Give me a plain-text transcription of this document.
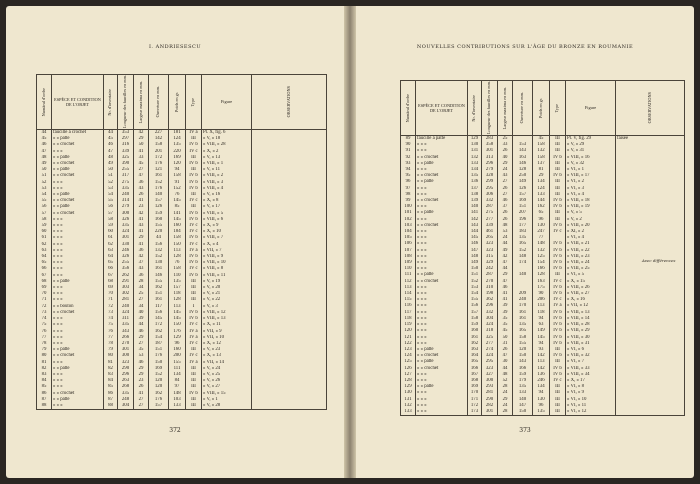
I. ANDRIESESCU
Numărul d'ordre	ESPÈCE ET CONDITION DE L'OBJET	Nr. d'inventaire	Longueur des faucilles en mm.	Largeur maxima en mm.	Ouverture en mm.	Poids en gr.	Type	Figure	OBSERVATIONS

44	faucille à crochet	44	353	42	227	181	IV a	Pl. X, fig. 6	
45	» » patte	45	297	29	142	124	III	» V, » 18	
46	» » crochet	46	316	50	158	135	IV b	» VIII, » 28	
47	» » »	47	339	41	201	220	IV c	» X, » 2	
48	» » patte	48	325	33	172	169	III	» V, » 13	
49	» » crochet	49	390	45	176	120	IV b	» VIII, » 1	
50	» » patte	50	255	27	121	94	III	» V, » 11	
51	» » crochet	51	317	47	161	158	IV b	» VIII, » 2	
52	» » »	52	275	36	152	91	IV b	» VIII, » 3	
53	» » »	53	335	43	176	152	IV b	» VIII, » 4	
54	» » patte	54	240	26	140	76	III	» V, » 16	
55	» » crochet	55	314	41	157	145	IV c	» X, » 8	
56	» » patte	56	279	23	126	85	III	» V, » 17	
57	» » crochet	57	300	42	159	141	IV b	» VIII, » 5	
58	» » »	58	326	41	160	145	IV b	» VIII, » 6	
59	» » »	59	335	43	155	160	IV c	» X, » 9	
60	» » »	60	324	41	220	184	IV c	» X, » 10	
61	» » »	61	301	29	44	158	IV b	» VIII, » 7	
62	» » »	62	330	41	156	150	IV c	» X, » 4	
63	» » »	63	246	36	132	113	IV a	» VII, » 7	
64	» » »	64	326	42	152	128	IV b	» VIII, » 9	
65	» » »	65	255	37	130	76	IV b	» VIII, » 10	
66	» » »	66	356	43	161	158	IV c	» VIII, » 8	
67	» » »	67	262	36	146	110	IV b	» VIII, » 11	
68	» » patte	68	291	28	155	135	III	» V, » 19	
69	» » »	69	303	34	162	157	III	» V, » 20	
70	» » »	70	302	25	151	118	III	» V, » 21	
71	» » »	71	281	27	161	128	III	» V, » 22	
72	» » bouton	72	240	34	117	113	I	» V, » 3	
73	» » crochet	73	324	40	156	145	IV b	» VIII, » 12	
74	» » »	74	311	39	145	145	IV b	» VIII, » 13	
75	» » »	75	335	44	172	150	IV c	» X, » 11	
76	» » »	76	343	46	162	176	IV a	» VII, » 9	
77	» » »	77	266	29	154	129	IV a	» VII, » 10	
78	» » »	78	270	27	187	96	IV c	» X, » 12	
79	» » patte	79	301	35	151	160	III	» V, » 23	
80	» » crochet	80	300	53	176	200	IV c	» X, » 13	
81	» » »	81	323	46	150	155	IV a	» VII, » 14	
82	» » patte	82	290	29	169	111	III	» V, » 24	
83	» » »	83	296	29	152	134	III	» V, » 25	
84	» » »	84	263	23	120	84	III	» V, » 26	
85	» » »	85	268	26	120	97	III	» V, » 27	
86	» » crochet	86	335	41	162	148	IV b	» VIII, » 15	
87	» » patte	87	248	27	176	103	III	» V, » 1	
88	» » »	88	304	27	157	133	III	» V, » 28	
372
NOUVELLES CONTRIBUTIONS SUR L'ÂGE DU BRONZE EN ROUMANIE
Numărul d'ordre	ESPÈCE ET CONDITION DE L'OBJET	Nr. d'inventaire	Longueur des faucilles en mm.	Largeur maxima en mm.	Ouverture en mm.	Poids en gr.	Type	Figure	OBSERVATIONS

89	faucille à patte	129	283	25		45	III	Pl. V, fig. 29	faisée
90	» » »	130	358	33	153	158	III	» V, » 29	
91	» » »	131	301	26	143	132	III	» V, » 31	
92	» » crochet	132	313	40	163	158	IV b	» VIII, » 16	
93	» » patte	133	296	29	146	137	III	» V, » 32	
94	» » »	134	279	24	128	81	III	» VI, » 1	
95	» » crochet	135	328	43	250	29	IV b	» VIII, » 17	
96	» » patte	136	299	27	149	134	III	» VI, » 2	
97	» » »	137	295	26	126	124	III	» VI, » 3	
98	» » »	138	306	27	157	133	III	» VI, » 4	
99	» » crochet	139	332	46	169	144	IV b	» VIII, » 18	
100	» » »	140	287	37	151	162	IV b	» VIII, » 19	
101	» » patte	141	275	26	207	65	III	» V, » 5	
102	» » »	142	277	26	196	96	III	» V, » 2	
103	» » crochet	143	339	48	177	130	IV b	» VIII, » 20	
104	» » »	144	461	53	183	247	IV c	» XI, » 2	
105	» » »	145	265	24	135	77		» VI, » 4	
106	» » »	146	323	44	165	148	IV b	» VIII, » 21	
107	» » »	147	323	49	152	132	IV b	» VIII, » 22	
108	» » »	148	315	42	148	125	IV b	» VIII, » 23	
109	» » »	149	329	47	174	154	IV b	» VIII, » 24	
110	» » »	150	242	44		166	IV b	» VIII, » 25	
111	» » patte	151	287	29	140	128	III	» VI, » 5	
112	» » crochet	152	270	47		163	IV c	» X, » 15	
113	» » »	153	310	46		175	IV b	» VIII, » 26	
114	» » »	154	198	41	209	90	IV b	» VIII, » 27	
115	» » »	155	362	41	240	206	IV c	» X, » 16	
116	» » »	156	296	39	170	113	IV a	» VII, » 12	
117	» » »	157	332	39	161	118	IV b	» VIII, » 13	
118	» » »	158	304	35	161	94	IV b	» VIII, » 14	
119	» » »	159	324	35	135	63	IV b	» VIII, » 28	
120	» » »	160	318	45	165	149	IV b	» VIII, » 29	
121	» » »	161	325	50	158	145	IV b	» VIII, » 30	
122	» » »	162	277	31	155	94	IV b	» VIII, » 31	
123	» » patte	163	274	26	120	93	III	» VI, » 6	
124	» » crochet	164	324	47	150	142	IV b	» VIII, » 32	
125	» » patte	165	295	30	143	113	III	» VI, » 7	
126	» » crochet	166	323	44	166	142	IV b	» VIII, » 33	
127	» » »	167	327	48	159	136	IV b	» VIII, » 34	
128	» » »	168	300	52	179	246	IV c	» X, » 17	
129	» » patte	169	293	28	135	134	III	» VI, » 8	
130	» » »	170	281	24	133	94	III	» VI, » 9	
131	» » »	171	290	29	140	130	III	» VI, » 10	
132	» » »	172	282	24	147	96	III	» VI, » 11	
133	» » »	173	301	28	150	135	III	» VI, » 12	
Avec différences
373
